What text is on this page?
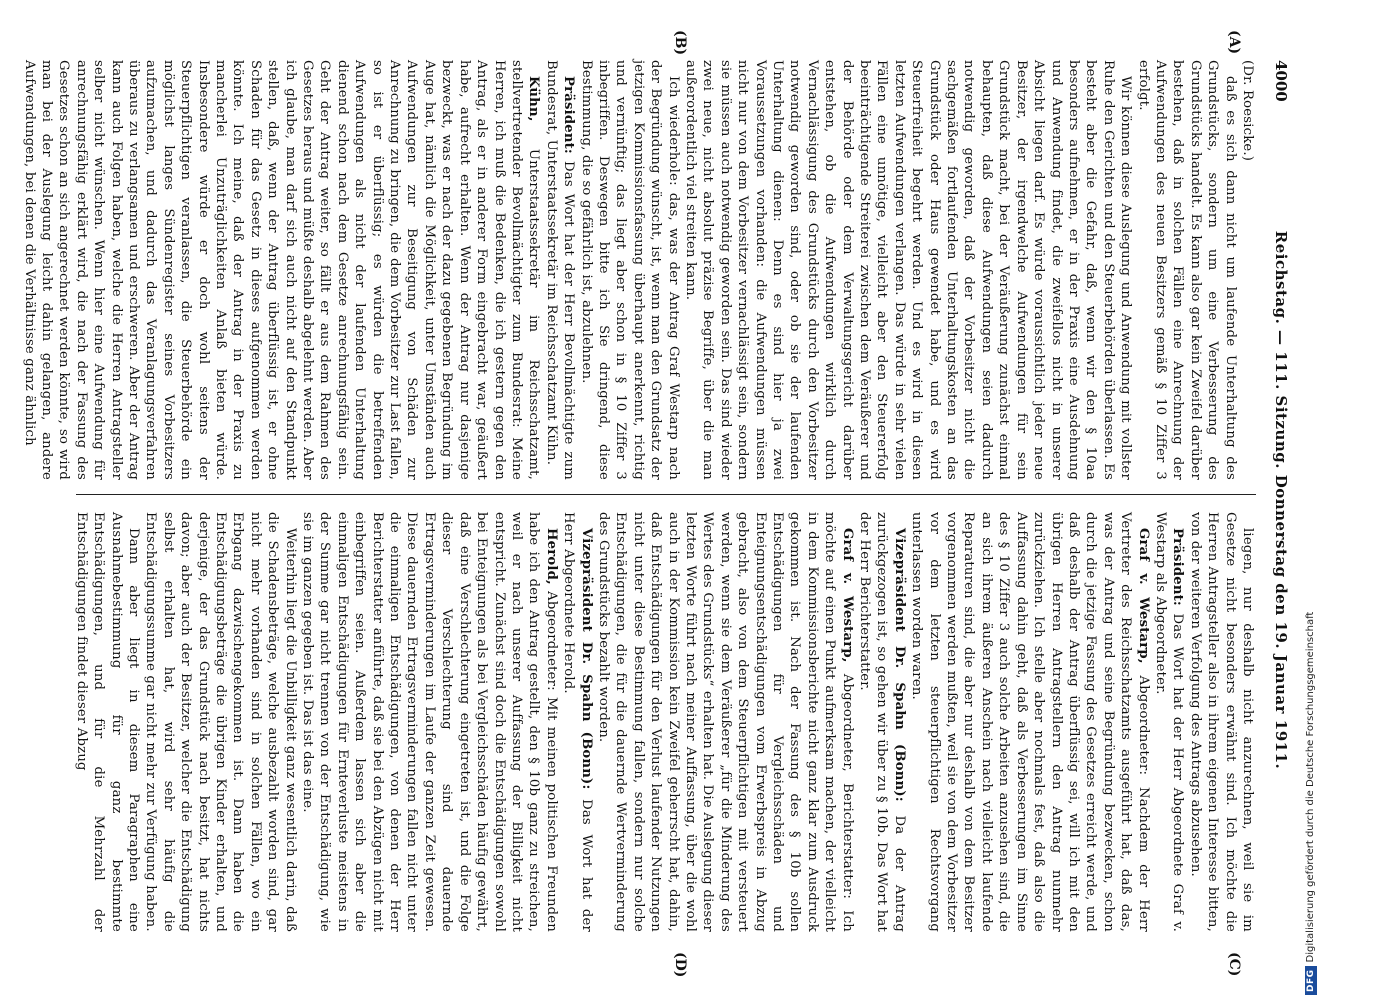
4000
Reichstag. — 111. Sitzung. Donnerstag den 19. Januar 1911.
(A)
(B)
(C)
(D)

(Dr. Roesicke.)

daß es sich dann nicht um laufende Unterhaltung des Grundstücks, sondern um eine Verbesserung des Grundstücks handelt. Es kann also gar kein Zweifel darüber bestehen, daß in solchen Fällen eine Anrechnung der Aufwendungen des neuen Besitzers gemäß § 10 Ziffer 3 erfolgt.

Wir können diese Auslegung und Anwendung mit vollster Ruhe den Gerichten und den Steuerbehörden überlassen. Es besteht aber die Gefahr, daß, wenn wir den § 10aa besonders aufnehmen, er in der Praxis eine Ausdehnung und Anwendung findet, die zweifellos nicht in unserer Absicht liegen darf. Es würde voraussichtlich jeder neue Besitzer, der irgendwelche Aufwendungen für sein Grundstück macht, bei der Veräußerung zunächst einmal behaupten, daß diese Aufwendungen seien dadurch notwendig geworden, daß der Vorbesitzer nicht die sachgemäßen fortlaufenden Unterhaltungskosten an das Grundstück oder Haus gewendet habe, und es wird Steuerfreiheit begehrt werden. Und es wird in diesen letzten Aufwendungen verlangen. Das würde in sehr vielen Fällen eine unnötige, vielleicht aber den Steuererfolg beeinträchtigende Streiterei zwischen dem Veräußerer und der Behörde oder dem Verwaltungsgericht darüber entstehen, ob die Aufwendungen wirklich durch Vernachlässigung des Grundstücks durch den Vorbesitzer notwendig geworden sind, oder ob sie der laufenden Unterhaltung dienen: Denn es sind hier ja zwei Voraussetzungen vorhanden: die Aufwendungen müssen nicht nur von dem Vorbesitzer vernachlässigt sein, sondern sie müssen auch notwendig geworden sein. Das sind wieder zwei neue, nicht absolut präzise Begriffe, über die man außerordentlich viel streiten kann.

Ich wiederhole: das, was der Antrag Graf Westarp nach der Begründung wünscht, ist, wenn man den Grundsatz der jetzigen Kommissionsfassung überhaupt anerkennt, richtig und vernünftig; das liegt aber schon in § 10 Ziffer 3 inbegriffen. Deswegen bitte ich Sie dringend, diese Bestimmung, die so gefährlich ist, abzulehnen.

Präsident: Das Wort hat der Herr Bevollmächtigte zum Bundesrat, Unterstaatssekretär im Reichsschatzamt Kühn.

Kühn, Unterstaatssekretär im Reichsschatzamt, stellvertretender Bevollmächtigter zum Bundesrat: Meine Herren, ich muß die Bedenken, die ich gestern gegen den Antrag, als er in anderer Form eingebracht war, geäußert habe, aufrecht erhalten. Wenn der Antrag nur dasjenige bezweckt, was er nach der dazu gegebenen Begründung im Auge hat, nämlich die Möglichkeit, unter Umständen auch Aufwendungen zur Beseitigung von Schäden zur Anrechnung zu bringen, die dem Vorbesitzer zur Last fallen, so ist er überflüssig; es würden die betreffenden Aufwendungen als nicht der laufenden Unterhaltung dienend schon nach dem Gesetze anrechnungsfähig sein. Geht der Antrag weiter, so fällt er aus dem Rahmen des Gesetzes heraus und müßte deshalb abgelehnt werden. Aber ich glaube, man darf sich auch nicht auf den Standpunkt stellen, daß, wenn der Antrag überflüssig ist, er ohne Schaden für das Gesetz in dieses aufgenommen werden könnte. Ich meine, daß der Antrag in der Praxis zu mancherlei Unzuträglichkeiten Anlaß bieten würde. Insbesondere würde er doch wohl seitens der Steuerpflichtigen veranlassen, die Steuerbehörde ein möglichst langes Sündenregister seines Vorbesitzers aufzumachen, und dadurch das Veranlagungsverfahren überaus zu verlangsamen und erschweren. Aber der Antrag kann auch Folgen haben, welche die Herren Antragsteller selber nicht wünschen. Wenn hier eine Aufwendung für anrechnungsfähig erklärt wird, die nach der Fassung des Gesetzes schon an sich angerechnet werden könnte, so wird man bei der Auslegung leicht dahin gelangen, andere Aufwendungen, bei denen die Verhältnisse ganz ähnlich

liegen, nur deshalb nicht anzurechnen, weil sie im Gesetze nicht besonders erwähnt sind. Ich möchte die Herren Antragsteller also in ihrem eigenen Interesse bitten, von der weiteren Verfolgung des Antrags abzusehen.

Präsident: Das Wort hat der Herr Abgeordnete Graf v. Westarp als Abgeordneter.

Graf v. Westarp, Abgeordneter: Nachdem der Herr Vertreter des Reichsschatzamts ausgeführt hat, daß das, was der Antrag und seine Begründung bezwecken, schon durch die jetzige Fassung des Gesetzes erreicht werde, und daß deshalb der Antrag überflüssig sei, will ich mit den übrigen Herren Antragstellern den Antrag nunmehr zurückziehen. Ich stelle aber nochmals fest, daß also die Auffassung dahin geht, daß als Verbesserungen im Sinne des § 10 Ziffer 3 auch solche Arbeiten anzusehen sind, die an sich ihrem äußeren Anschein nach vielleicht laufende Reparaturen sind, die aber nur deshalb von dem Besitzer vorgenommen werden mußten, weil sie von dem Vorbesitzer vor dem letzten steuerpflichtigen Rechtsvorgang unterlassen worden waren.

Vizepräsident Dr. Spahn (Bonn): Da der Antrag zurückgezogen ist, so gehen wir über zu § 10b. Das Wort hat der Herr Berichterstatter.

Graf v. Westarp, Abgeordneter, Berichterstatter: Ich möchte auf einen Punkt aufmerksam machen, der vielleicht in dem Kommissionsberichte nicht ganz klar zum Ausdruck gekommen ist. Nach der Fassung des § 10b sollen Entschädigungen für Vergleichsschäden und Enteignungsentschädigungen vom Erwerbspreis in Abzug gebracht, also von dem Steuerpflichtigen mit versteuert werden, wenn sie dem Veräußerer „für die Minderung des Wertes des Grundstücks“ erhalten hat. Die Auslegung dieser letzten Worte führt nach meiner Auffassung, über die wohl auch in der Kommission kein Zweifel geherrscht hat, dahin, daß Entschädigungen für den Verlust laufender Nutzungen nicht unter diese Bestimmung fallen, sondern nur solche Entschädigungen, die für die dauernde Wertverminderung des Grundstücks bezahlt worden.

Vizepräsident Dr. Spahn (Bonn): Das Wort hat der Herr Abgeordnete Herold.

Herold, Abgeordneter: Mit meinen politischen Freunden habe ich den Antrag gestellt, den § 10b ganz zu streichen, weil er nach unserer Auffassung der Billigkeit nicht entspricht. Zunächst sind doch die Entschädigungen sowohl bei Enteignungen als bei Vergleichsschäden häufig gewährt, daß eine Verschlechterung eingetreten ist, und die Folge dieser Verschlechterung sind dauernde Ertragsverminderungen im Laufe der ganzen Zeit gewesen. Diese dauernden Ertragsverminderungen fallen nicht unter die einmaligen Entschädigungen, von denen der Herr Berichterstatter anführte, daß sie bei den Abzügen nicht mit einbegriffen seien. Außerdem lassen sich aber die einmaligen Entschädigungen für Ernteverluste meistens in der Summe gar nicht trennen von der Entschädigung, wie sie im ganzen gegeben ist. Das ist das eine.

Weiterhin liegt die Unbilligkeit ganz wesentlich darin, daß die Schadensbeträge, welche ausbezahlt worden sind, gar nicht mehr vorhanden sind in solchen Fällen, wo ein Erbgang dazwischengekommen ist. Dann haben die Entschädigungsbeträge die übrigen Kinder erhalten, und derjenige, der das Grundstück nach besitzt, hat nichts davon; aber auch der Besitzer, welcher die Entschädigung selbst erhalten hat, wird sehr häufig die Entschädigungssumme gar nicht mehr zur Verfügung haben.

Dann aber liegt in diesem Paragraphen eine Ausnahmebestimmung für ganz bestimmte Entschädigungen, und für die Mehrzahl der Entschädigungen findet dieser Abzug

DFGDigitalisierung gefördert durch die Deutsche Forschungsgemeinschaft
